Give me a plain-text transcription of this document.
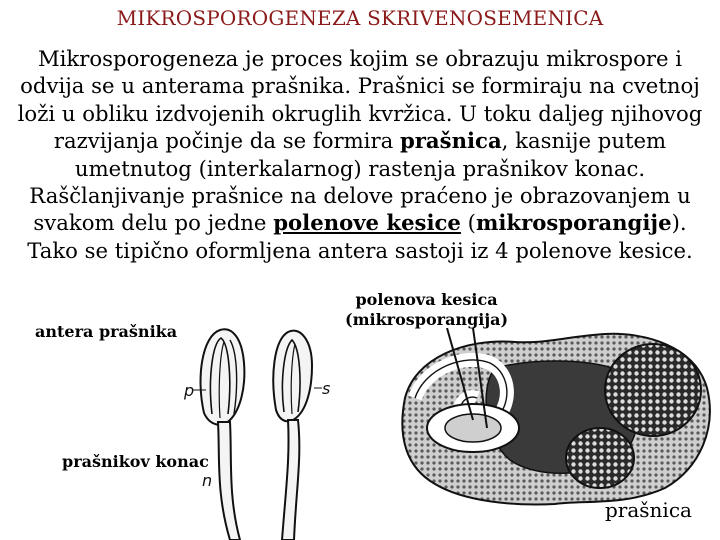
MIKROSPOROGENEZA SKRIVENOSEMENICA
Mikrosporogeneza je proces kojim se obrazuju mikrospore i odvija se u anterama prašnika. Prašnici se formiraju na cvetnoj loži u obliku izdvojenih okruglih kvržica. U toku daljeg njihovog razvijanja počinje da se formira prašnica, kasnije putem umetnutog (interkalarnog) rastenja prašnikov konac. Raščlanjivanje prašnice na delove praćeno je obrazovanjem u svakom delu po jedne polenove kesice (mikrosporangije). Tako se tipično oformljena antera sastoji iz 4 polenove kesice.
p	s
n
antera prašnika
prašnikov konac
polenova kesica
(mikrosporangija)
prašnica
